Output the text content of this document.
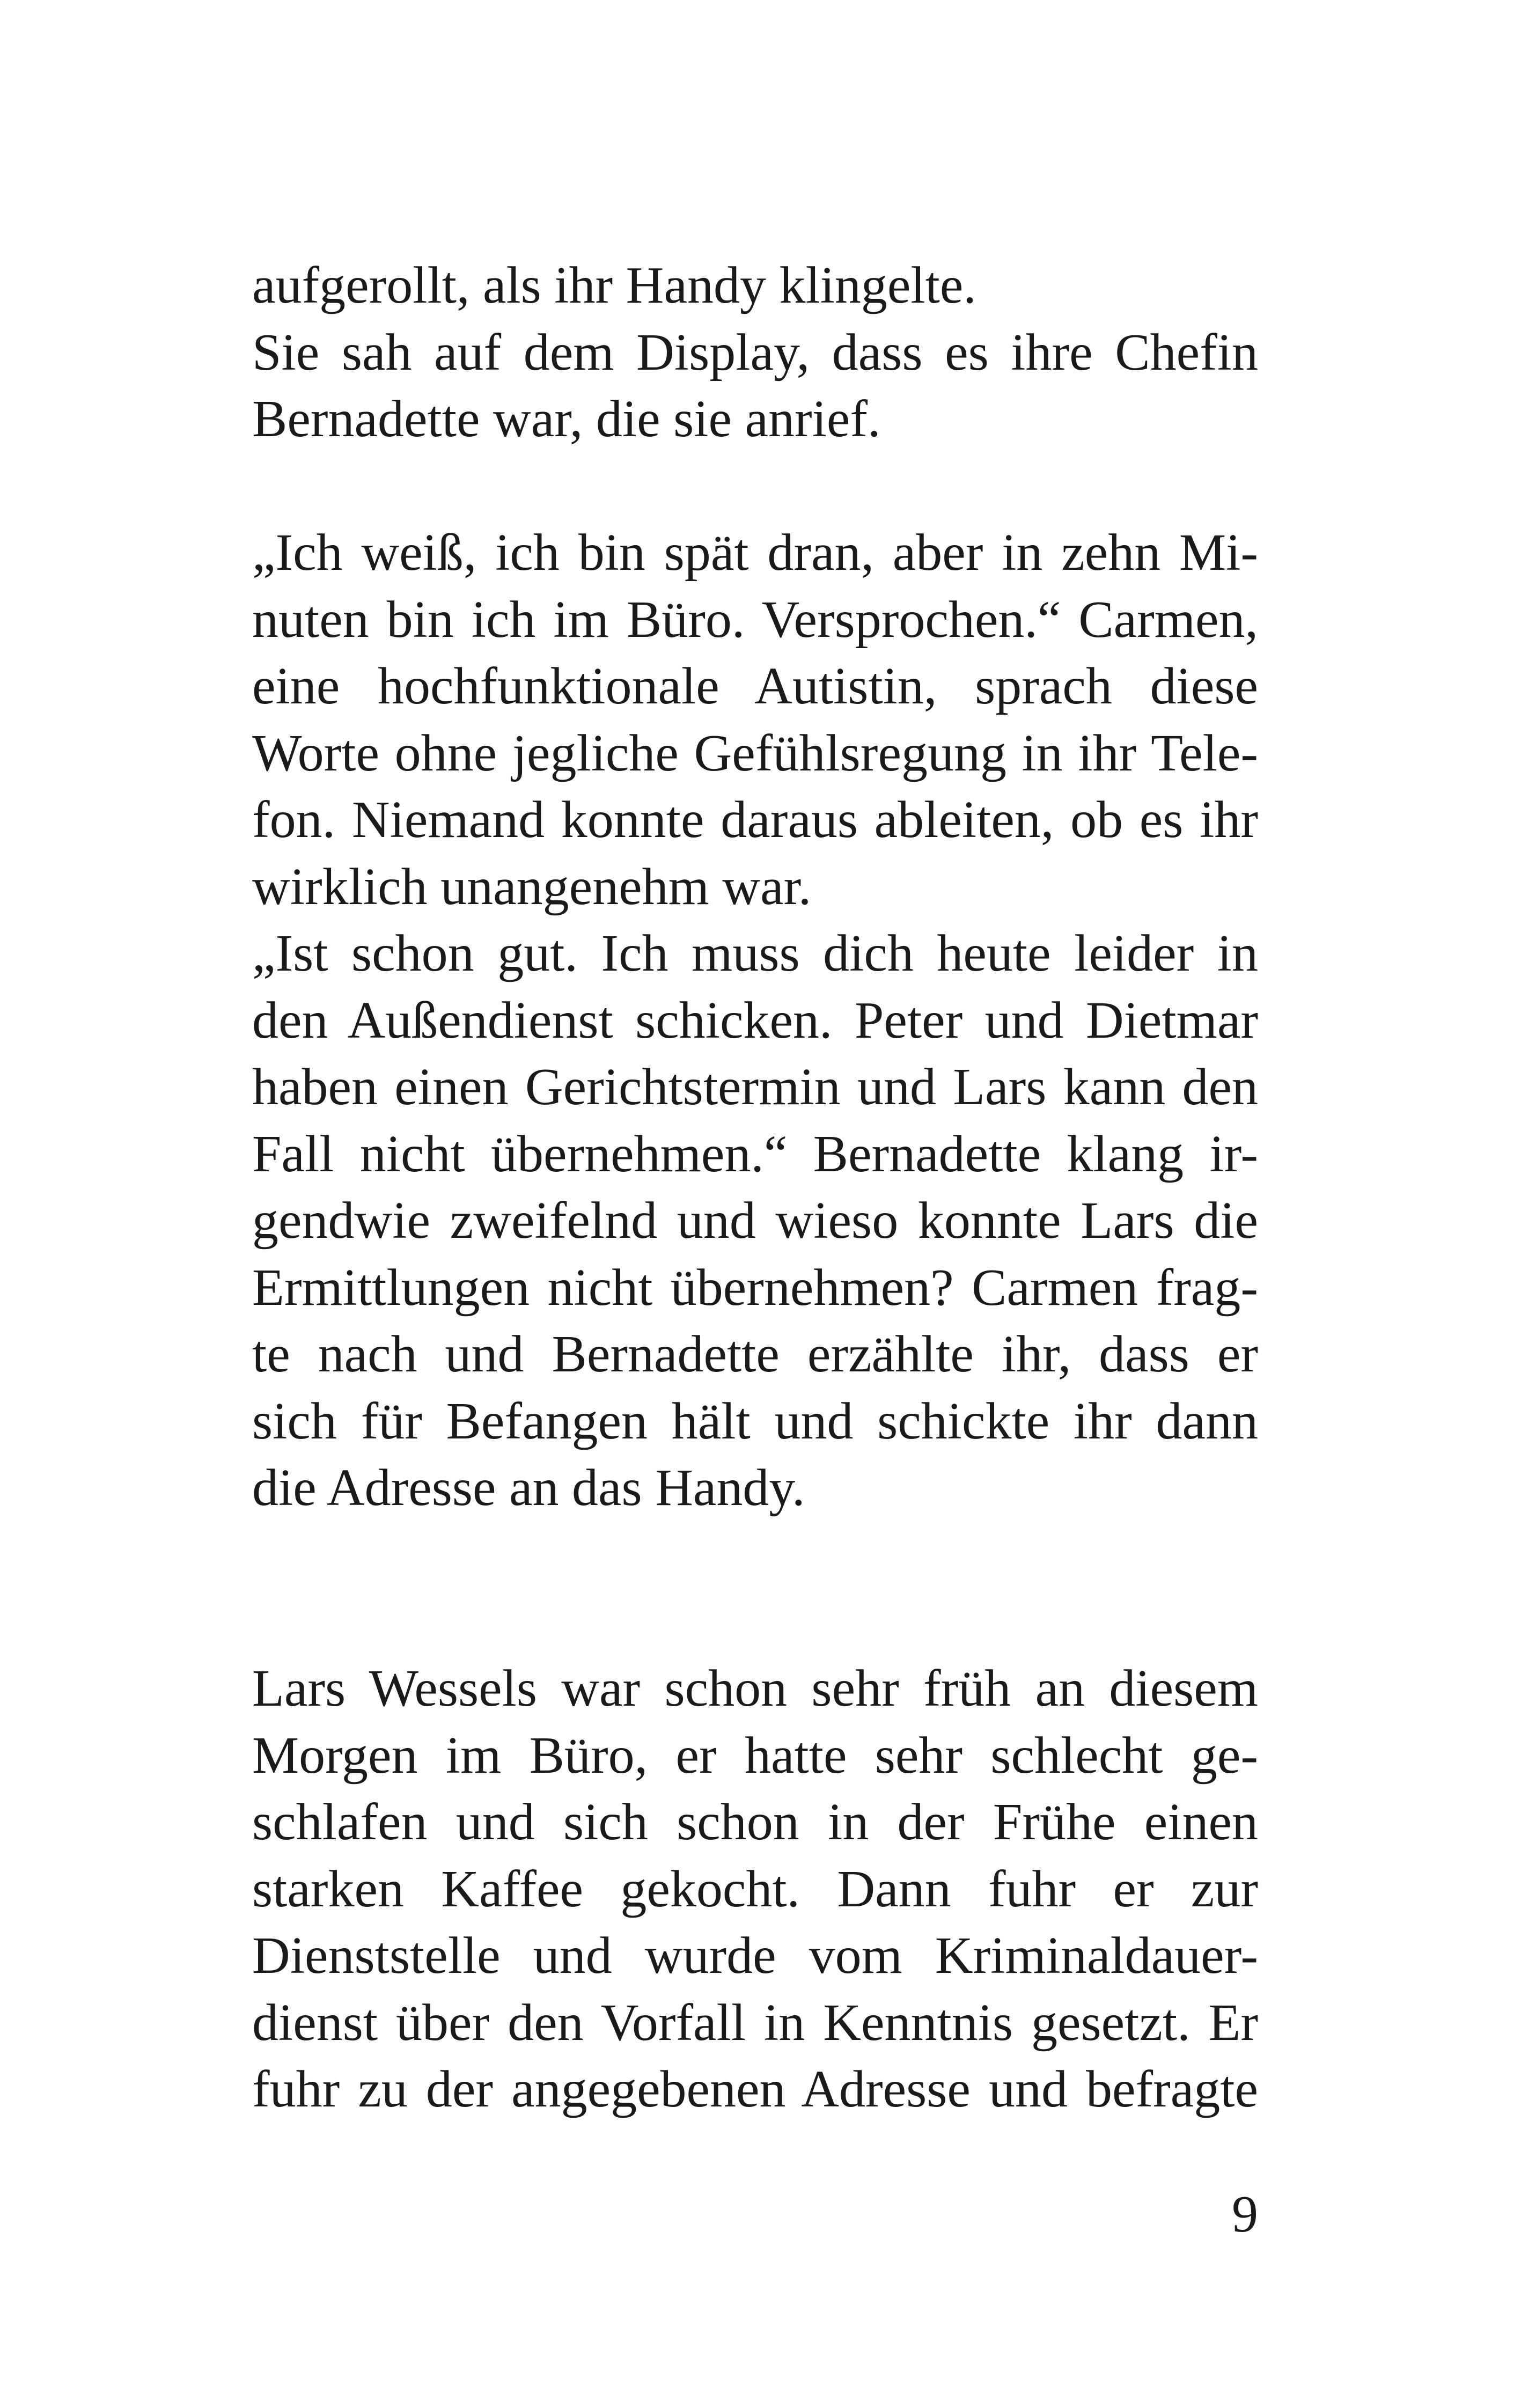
aufgerollt, als ihr Handy klingelte.
Sie sah auf dem Display, dass es ihre Chefin
Bernadette war, die sie anrief.
„Ich weiß, ich bin spät dran, aber in zehn Mi-
nuten bin ich im Büro. Versprochen.“ Carmen,
eine hochfunktionale Autistin, sprach diese
Worte ohne jegliche Gefühlsregung in ihr Tele-
fon. Niemand konnte daraus ableiten, ob es ihr
wirklich unangenehm war.
„Ist schon gut. Ich muss dich heute leider in
den Außendienst schicken. Peter und Dietmar
haben einen Gerichtstermin und Lars kann den
Fall nicht übernehmen.“ Bernadette klang ir-
gendwie zweifelnd und wieso konnte Lars die
Ermittlungen nicht übernehmen? Carmen frag-
te nach und Bernadette erzählte ihr, dass er
sich für Befangen hält und schickte ihr dann
die Adresse an das Handy.
Lars Wessels war schon sehr früh an diesem
Morgen im Büro, er hatte sehr schlecht ge-
schlafen und sich schon in der Frühe einen
starken Kaffee gekocht. Dann fuhr er zur
Dienststelle und wurde vom Kriminaldauer-
dienst über den Vorfall in Kenntnis gesetzt. Er
fuhr zu der angegebenen Adresse und befragte
9
